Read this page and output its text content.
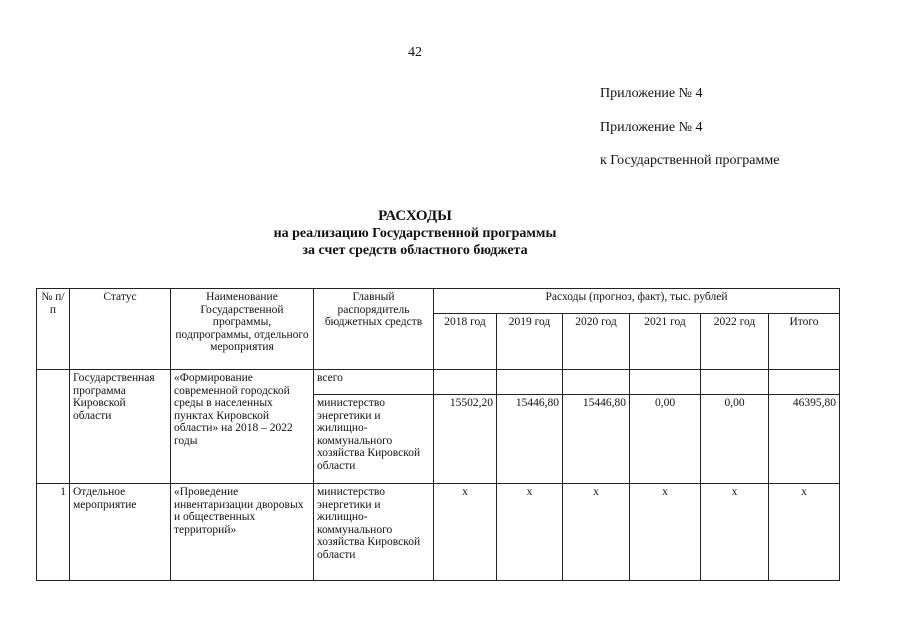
42
Приложение № 4
Приложение № 4
к Государственной программе
РАСХОДЫ
на реализацию Государственной программы
за счет средств областного бюджета
№ п/п	Статус	Наименование Государственной программы, подпрограммы, отдельного мероприятия	Главный распорядитель бюджетных средств	Расходы (прогноз, факт), тыс. рублей					
				2018 год	2019 год	2020 год	2021 год	2022 год	Итого
	Государственная программа Кировской области	«Формирование современной городской среды в населенных пунктах Кировской области» на 2018 – 2022 годы	всего						
			министерство энергетики и жилищно-коммунального хозяйства Кировской области	15502,20	15446,80	15446,80	0,00	0,00	46395,80
1	Отдельное мероприятие	«Проведение инвентаризации дворовых и общественных территорий»	министерство энергетики и жилищно-коммунального хозяйства Кировской области	x	x	x	x	x	x
